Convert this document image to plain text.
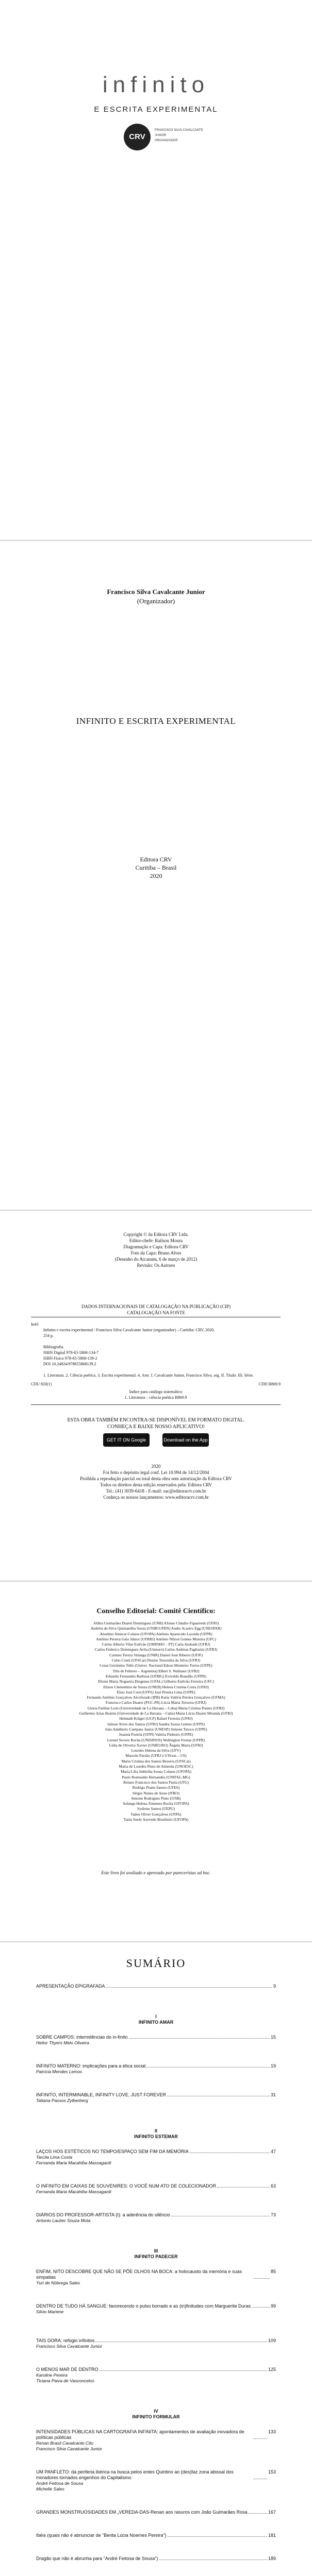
infinito
E ESCRITA EXPERIMENTAL
CRV
FRANCISCO SILVA CAVALCANTE JUNIOR
ORGANIZADOR
Francisco Silva Cavalcante Junior
(Organizador)
INFINITO E ESCRITA EXPERIMENTAL
Editora CRV
Curitiba – Brasil
2020
Copyright © da Editora CRV Ltda.
Editor-chefe: Railson Moura
Diagramação e Capa: Editora CRV
Foto da Capa: Bruno Alves
(Desenho do Arcanum, 6 de março de 2012)
Revisão: Os Autores
DADOS INTERNACIONAIS DE CATALOGAÇÃO NA PUBLICAÇÃO (CIP)
CATALOGAÇÃO NA FONTE
In43
Infinito e escrita experimental / Francisco Silva Cavalcante Junior (organizador) – Curitiba: CRV, 2020.
254 p.
Bibliografia
ISBN Digital 978-65-5868-134-7
ISBN Físico 978-65-5868-139-2
DOI 10.24824/978655868139.2
1. Literatura. 2. Ciência poética. 3. Escrita experimental. 4. Arte. I. Cavalcante Junior, Francisco Silva. org. II. Título. III. Série.
CDU 820(1)	CDD B869.9
Índice para catálogo sistemático
1. Literatura – ciência poética B869.9
ESTA OBRA TAMBÉM ENCONTRA-SE DISPONÍVEL EM FORMATO DIGITAL.
CONHEÇA E BAIXE NOSSO APLICATIVO!
GET IT ON Google Play
Download on the App Store
2020
Foi feito o depósito legal conf. Lei 10.994 de 14/12/2004
Proibida a reprodução parcial ou total desta obra sem autorização da Editora CRV
Todos os direitos desta edição reservados pela: Editora CRV
Tel.: (41) 3039-6418 - E-mail: sac@editoracrv.com.br
Conheça os nossos lançamentos: www.editoracrv.com.br
Conselho Editorial: Comitê Científico:
Aldira Guimarães Duarte Domínguez (UNB) Afonso Cláudio Figueiredo (UFRJ)
Andréia da Silva Quintanilha Sousa (UNIR/UFRN) Andre Acastro Egg (UNESPAR)
Anselmo Alencar Colares (UFOPA) Antônio Aparecido Lacerda (UFPR)
Antônio Pereira Gaio Júnior (UFRRJ) Antônio Nilson Gomes Moreira (UFC)
Carlos Alberto Vilar Estêvão (UMINHO – PT) Carla Andrade (UFRJ)
Carlos Federico Dominguez Avila (Unieuro) Carlos Andreas Pagliarini (UFRJ)
Carmen Tereza Velanga (UNIR) Daniel José Ribeiro (UFJF)
Celso Conti (UFSCar) Denise Terezinha da Silva (UFRJ)
Cesar Gerónimo Tello (Univer. Nacional Edson Monteiro Torres (UFPE)
Três de Febrero – Argentina) Elbert S. Wallauer (UFRJ)
Eduardo Fernandes Barbosa (UFMG) Everaldo Brandão (UFPR)
Elione Maria Nogueira Diogenes (UFAL) Gilberto Estêvão Ferreira (UFC)
Elizeu Clementino de Souza (UNEB) Helena Cristina Costa (UFRJ)
Élsio José Corá (UFFS) José Pereira Lima (UFPE)
Fernando Antônio Gonçalves Alcoforado (IPB) Katia Valéria Pereira Gonçalves (UFMA)
Francisco Carlos Duarte (PUC-PR) Lúcia Maria Teixeira (UFRJ)
Gloria Fariñas León (Universidade de La Havana – Cuba) Maria Cristina Pontes (UFRJ)
Guillermo Arias Beatón (Universidade de La Havana – Cuba) Maria Lúcia Duarte Miranda (UFRJ)
Helmuth Krüger (UCP) Rafael Ferreira (UFRJ)
Jailson Alves dos Santos (UFRJ) Sandra Souza Gomes (UFPE)
João Adalberto Campato Junior (UNESP) Simone Tinoco (UFPE)
Josania Portela (UFPI) Valéria Pinheiro (UFPE)
Leonel Severo Rocha (UNISINOS) Wellington Freitas (UFPR)
Lídia de Oliveira Xavier (UNIEURO) Ângela Maria (UFRJ)
Lourdes Helena da Silva (UFV)
Marcelo Paixão (UFRJ e UTexas – US)
Maria Cristina dos Santos Bezerra (UFSCar)
Maria de Lourdes Pinto de Almeida (UNOESC)
Maria Lília Imbiriba Sousa Colares (UFOPA)
Paulo Romualdo Hernandes (UNIFAL-MG)
Renato Francisco dos Santos Paula (UFG)
Rodrigo Pratte-Santos (UFES)
Sérgio Nunes de Jesus (IFRO)
Simone Rodrigues Pinto (UNB)
Solange Helena Ximenes-Rocha (UFOPA)
Sydione Santos (UEPG)
Tadeu Oliver Gonçalves (UFPA)
Tania Suely Azevedo Brasileiro (UFOPA)
Este livro foi avaliado e aprovado por pareceristas ad hoc.
SUMÁRIO
APRESENTAÇÃO EPIGRAFADA	9
I
INFINITO AMAR
SOBRE CAMPOS: intermitências do in-finito	15
Heitor Thyers Melo Oliveira
INFINITO MATERNO: implicações para a ética social	19
Patrícia Mendes Lemos
INFINITO, INTERMINABLE, INFINITY LOVE, JUST FOREVER	31
Tatiana Passos Zylberberg
II
INFINITO ESTEMAR
LAÇOS HOS ESTÉTICOS NO TEMPO/ESPAÇO SEM FIM DA MEMÓRIA	47
Tarcila Lima Costa
Fernanda Maria Macahiba Massagardi
O INFINITO EM CAIXAS DE SOUVENIRES: O VOCÊ NUM ATO DE COLECIONADOR	63
Fernanda Maria Macahiba Massagardi
DIÁRIOS DO PROFESSOR-ARTISTA (I): a aderência do silêncio	73
Antonio Lauber Souza Mota
III
INFINITO PADECER
ENFIM, NITO DESCOBRE QUE NÃO SE PÕE OLHOS NA BOCA: a holocausto da memória e suas simpatias
85
Yuri de Nóbrega Sales
DENTRO DE TUDO HÁ SANGUE: favorecendo o pulso borrado e as (in)finitudes com Marguerite Duras	99
Silvio Marlene
TAIS DORA: refúgio infinitos	109
Francisco Silva Cavalcante Junior
O MENOS MAR DE DENTRO	125
Karoline Pereira
Ticiana Paiva de Vasconcelos
IV
INFINITO FORMULAR
INTENSIDADES PÚBLICAS NA CARTOGRAFIA INFINITA: apontamentos de avaliação inovadora de políticas públicas
133
Renan Brasil Cavalcante Cito
Francisco Silva Cavalcante Junior
UM PANFLETO: da periferia ibérica na busca pelos entes Quintino ao (des)faz zona abissal dos moradores tornados engenhos do Capitalismo
153
André Feitosa de Sousa
Michelle Sales
GRANDES MONSTRUOSIDADES EM „VEREDA-DAS-Renan aos rasuros com João Guimarães Rosa	167
Ibéis (quais não é abnunciar de "Berita Lúcia Noemes Pereira")	181
Dragão que não é abrunha para "André Feitosa de Sousa")	189
